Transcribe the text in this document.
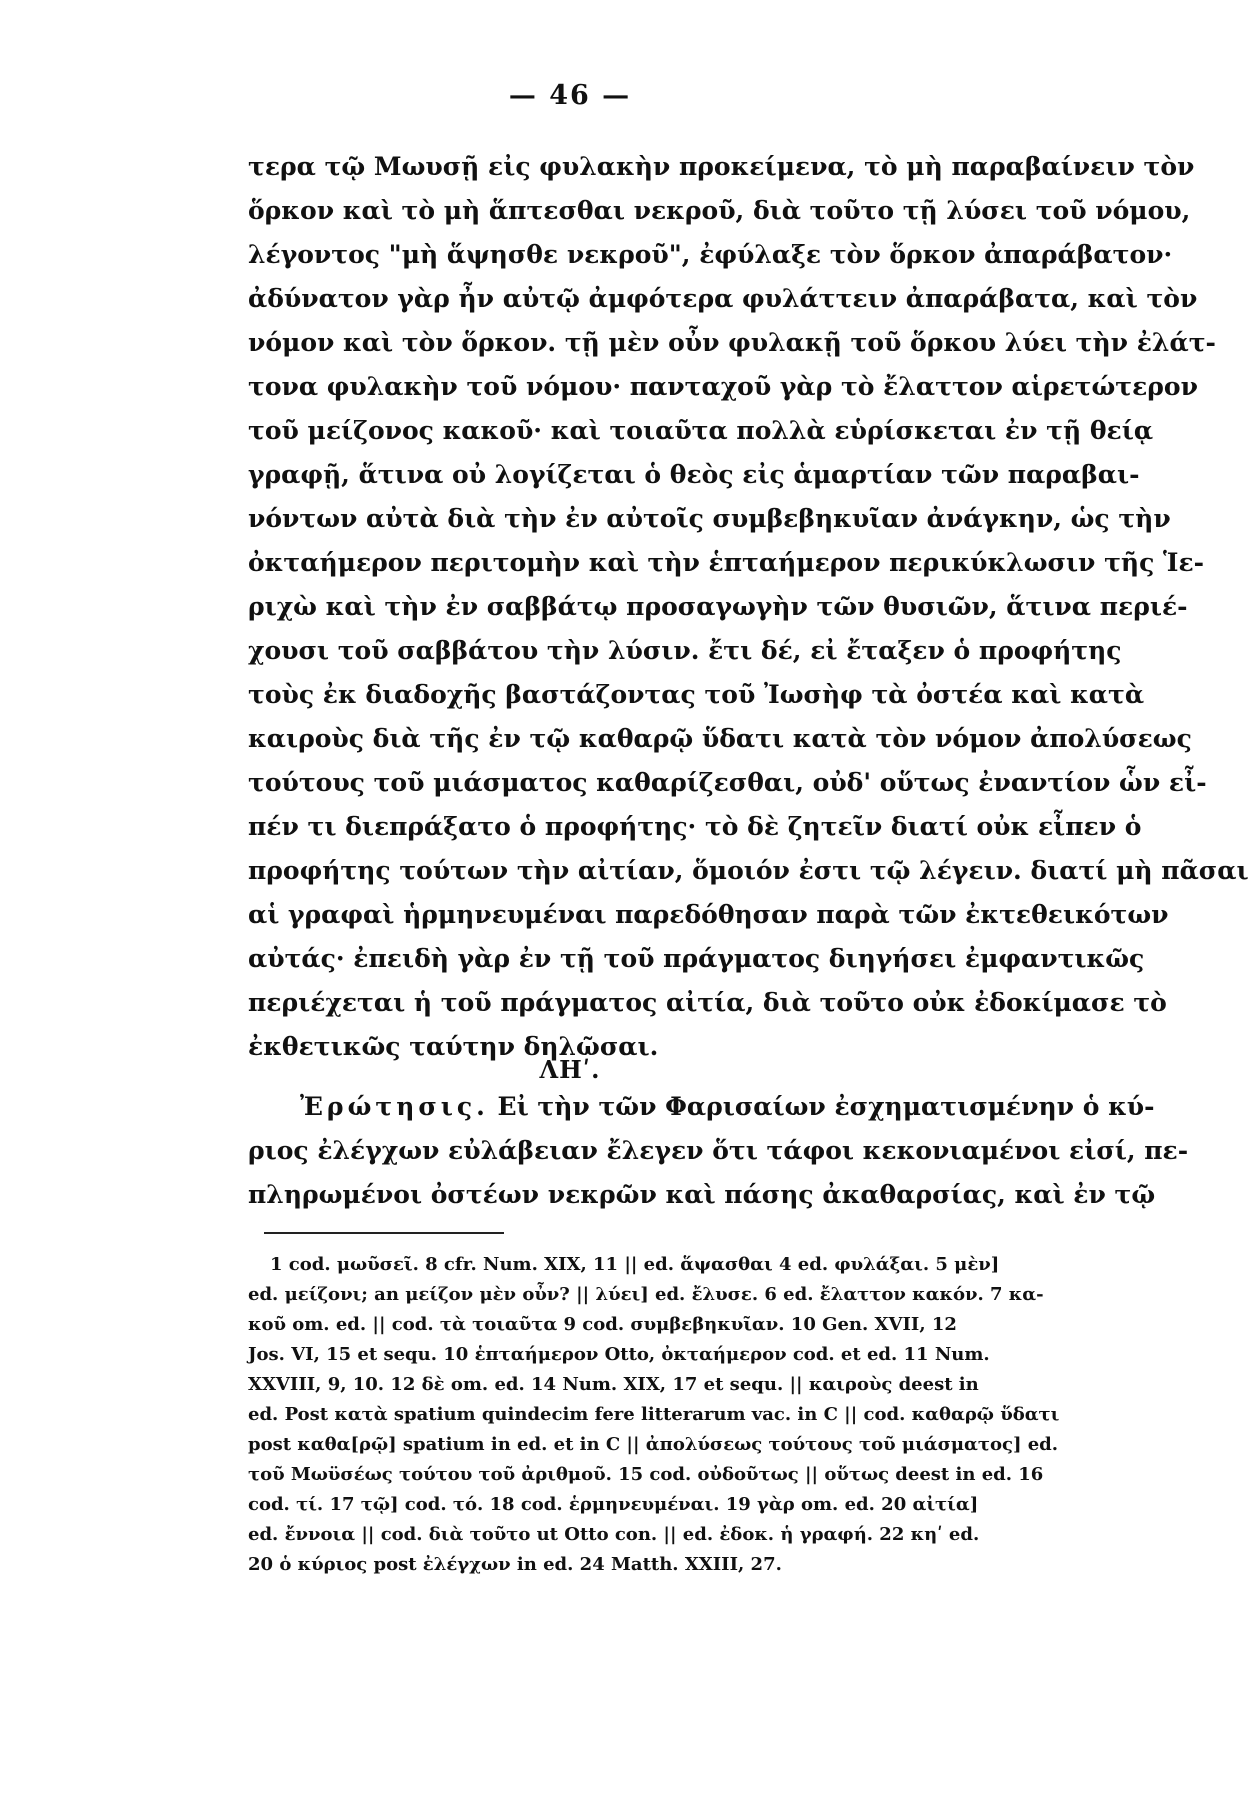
— 46 —
τερα τῷ Μωυσῇ εἰς φυλακὴν προκείμενα, τὸ μὴ παραβαίνειν τὸν
ὅρκον καὶ τὸ μὴ ἅπτεσθαι νεκροῦ, διὰ τοῦτο τῇ λύσει τοῦ νόμου,
λέγοντος "μὴ ἅψησθε νεκροῦ", ἐφύλαξε τὸν ὅρκον ἀπαράβατον·
ἀδύνατον γὰρ ἦν αὐτῷ ἀμφότερα φυλάττειν ἀπαράβατα, καὶ τὸν
νόμον καὶ τὸν ὅρκον. τῇ μὲν οὖν φυλακῇ τοῦ ὅρκου λύει τὴν ἐλάτ-
τονα φυλακὴν τοῦ νόμου· πανταχοῦ γὰρ τὸ ἔλαττον αἱρετώτερον
τοῦ μείζονος κακοῦ· καὶ τοιαῦτα πολλὰ εὑρίσκεται ἐν τῇ θείᾳ
γραφῇ, ἅτινα οὐ λογίζεται ὁ θεὸς εἰς ἁμαρτίαν τῶν παραβαι-
νόντων αὐτὰ διὰ τὴν ἐν αὐτοῖς συμβεβηκυῖαν ἀνάγκην, ὡς τὴν
ὀκταήμερον περιτομὴν καὶ τὴν ἑπταήμερον περικύκλωσιν τῆς Ἱε-
ριχὼ καὶ τὴν ἐν σαββάτῳ προσαγωγὴν τῶν θυσιῶν, ἅτινα περιέ-
χουσι τοῦ σαββάτου τὴν λύσιν. ἔτι δέ, εἰ ἔταξεν ὁ προφήτης
τοὺς ἐκ διαδοχῆς βαστάζοντας τοῦ Ἰωσὴφ τὰ ὀστέα καὶ κατὰ
καιροὺς διὰ τῆς ἐν τῷ καθαρῷ ὕδατι κατὰ τὸν νόμον ἀπολύσεως
τούτους τοῦ μιάσματος καθαρίζεσθαι, οὐδ' οὕτως ἐναντίον ὧν εἶ-
πέν τι διεπράξατο ὁ προφήτης· τὸ δὲ ζητεῖν διατί οὐκ εἶπεν ὁ
προφήτης τούτων τὴν αἰτίαν, ὅμοιόν ἐστι τῷ λέγειν. διατί μὴ πᾶσαι
αἱ γραφαὶ ἡρμηνευμέναι παρεδόθησαν παρὰ τῶν ἐκτεθεικότων
αὐτάς· ἐπειδὴ γὰρ ἐν τῇ τοῦ πράγματος διηγήσει ἐμφαντικῶς
περιέχεται ἡ τοῦ πράγματος αἰτία, διὰ τοῦτο οὐκ ἐδοκίμασε τὸ
ἐκθετικῶς ταύτην δηλῶσαι.
ΛΗʹ.
Ἐρώτησις. Εἰ τὴν τῶν Φαρισαίων ἐσχηματισμένην ὁ κύ-
ριος ἐλέγχων εὐλάβειαν ἔλεγεν ὅτι τάφοι κεκονιαμένοι εἰσί, πε-
πληρωμένοι ὀστέων νεκρῶν καὶ πάσης ἀκαθαρσίας, καὶ ἐν τῷ
1 cod. μωῦσεῖ. 8 cfr. Num. XIX, 11 || ed. ἅψασθαι 4 ed. φυλάξαι. 5 μὲν]
ed. μείζονι; an μείζον μὲν οὖν? || λύει] ed. ἔλυσε. 6 ed. ἔλαττον κακόν. 7 κα-
κοῦ om. ed. || cod. τὰ τοιαῦτα 9 cod. συμβεβηκυῖαν. 10 Gen. XVII, 12
Jos. VI, 15 et sequ. 10 ἑπταήμερον Otto, ὀκταήμερον cod. et ed. 11 Num.
XXVIII, 9, 10. 12 δὲ om. ed. 14 Num. XIX, 17 et sequ. || καιροὺς deest in
ed. Post κατὰ spatium quindecim fere litterarum vac. in C || cod. καθαρῷ ὕδατι
post καθα[ρῷ] spatium in ed. et in C || ἀπολύσεως τούτους τοῦ μιάσματος] ed.
τοῦ Μωϋσέως τούτου τοῦ ἀριθμοῦ. 15 cod. οὐδοῦτως || οὕτως deest in ed. 16
cod. τί. 17 τῷ] cod. τό. 18 cod. ἑρμηνευμέναι. 19 γὰρ om. ed. 20 αἰτία]
ed. ἔννοια || cod. διὰ τοῦτο ut Otto con. || ed. ἐδοκ. ἡ γραφή. 22 κηʹ ed.
20 ὁ κύριος post ἐλέγχων in ed. 24 Matth. XXIII, 27.
